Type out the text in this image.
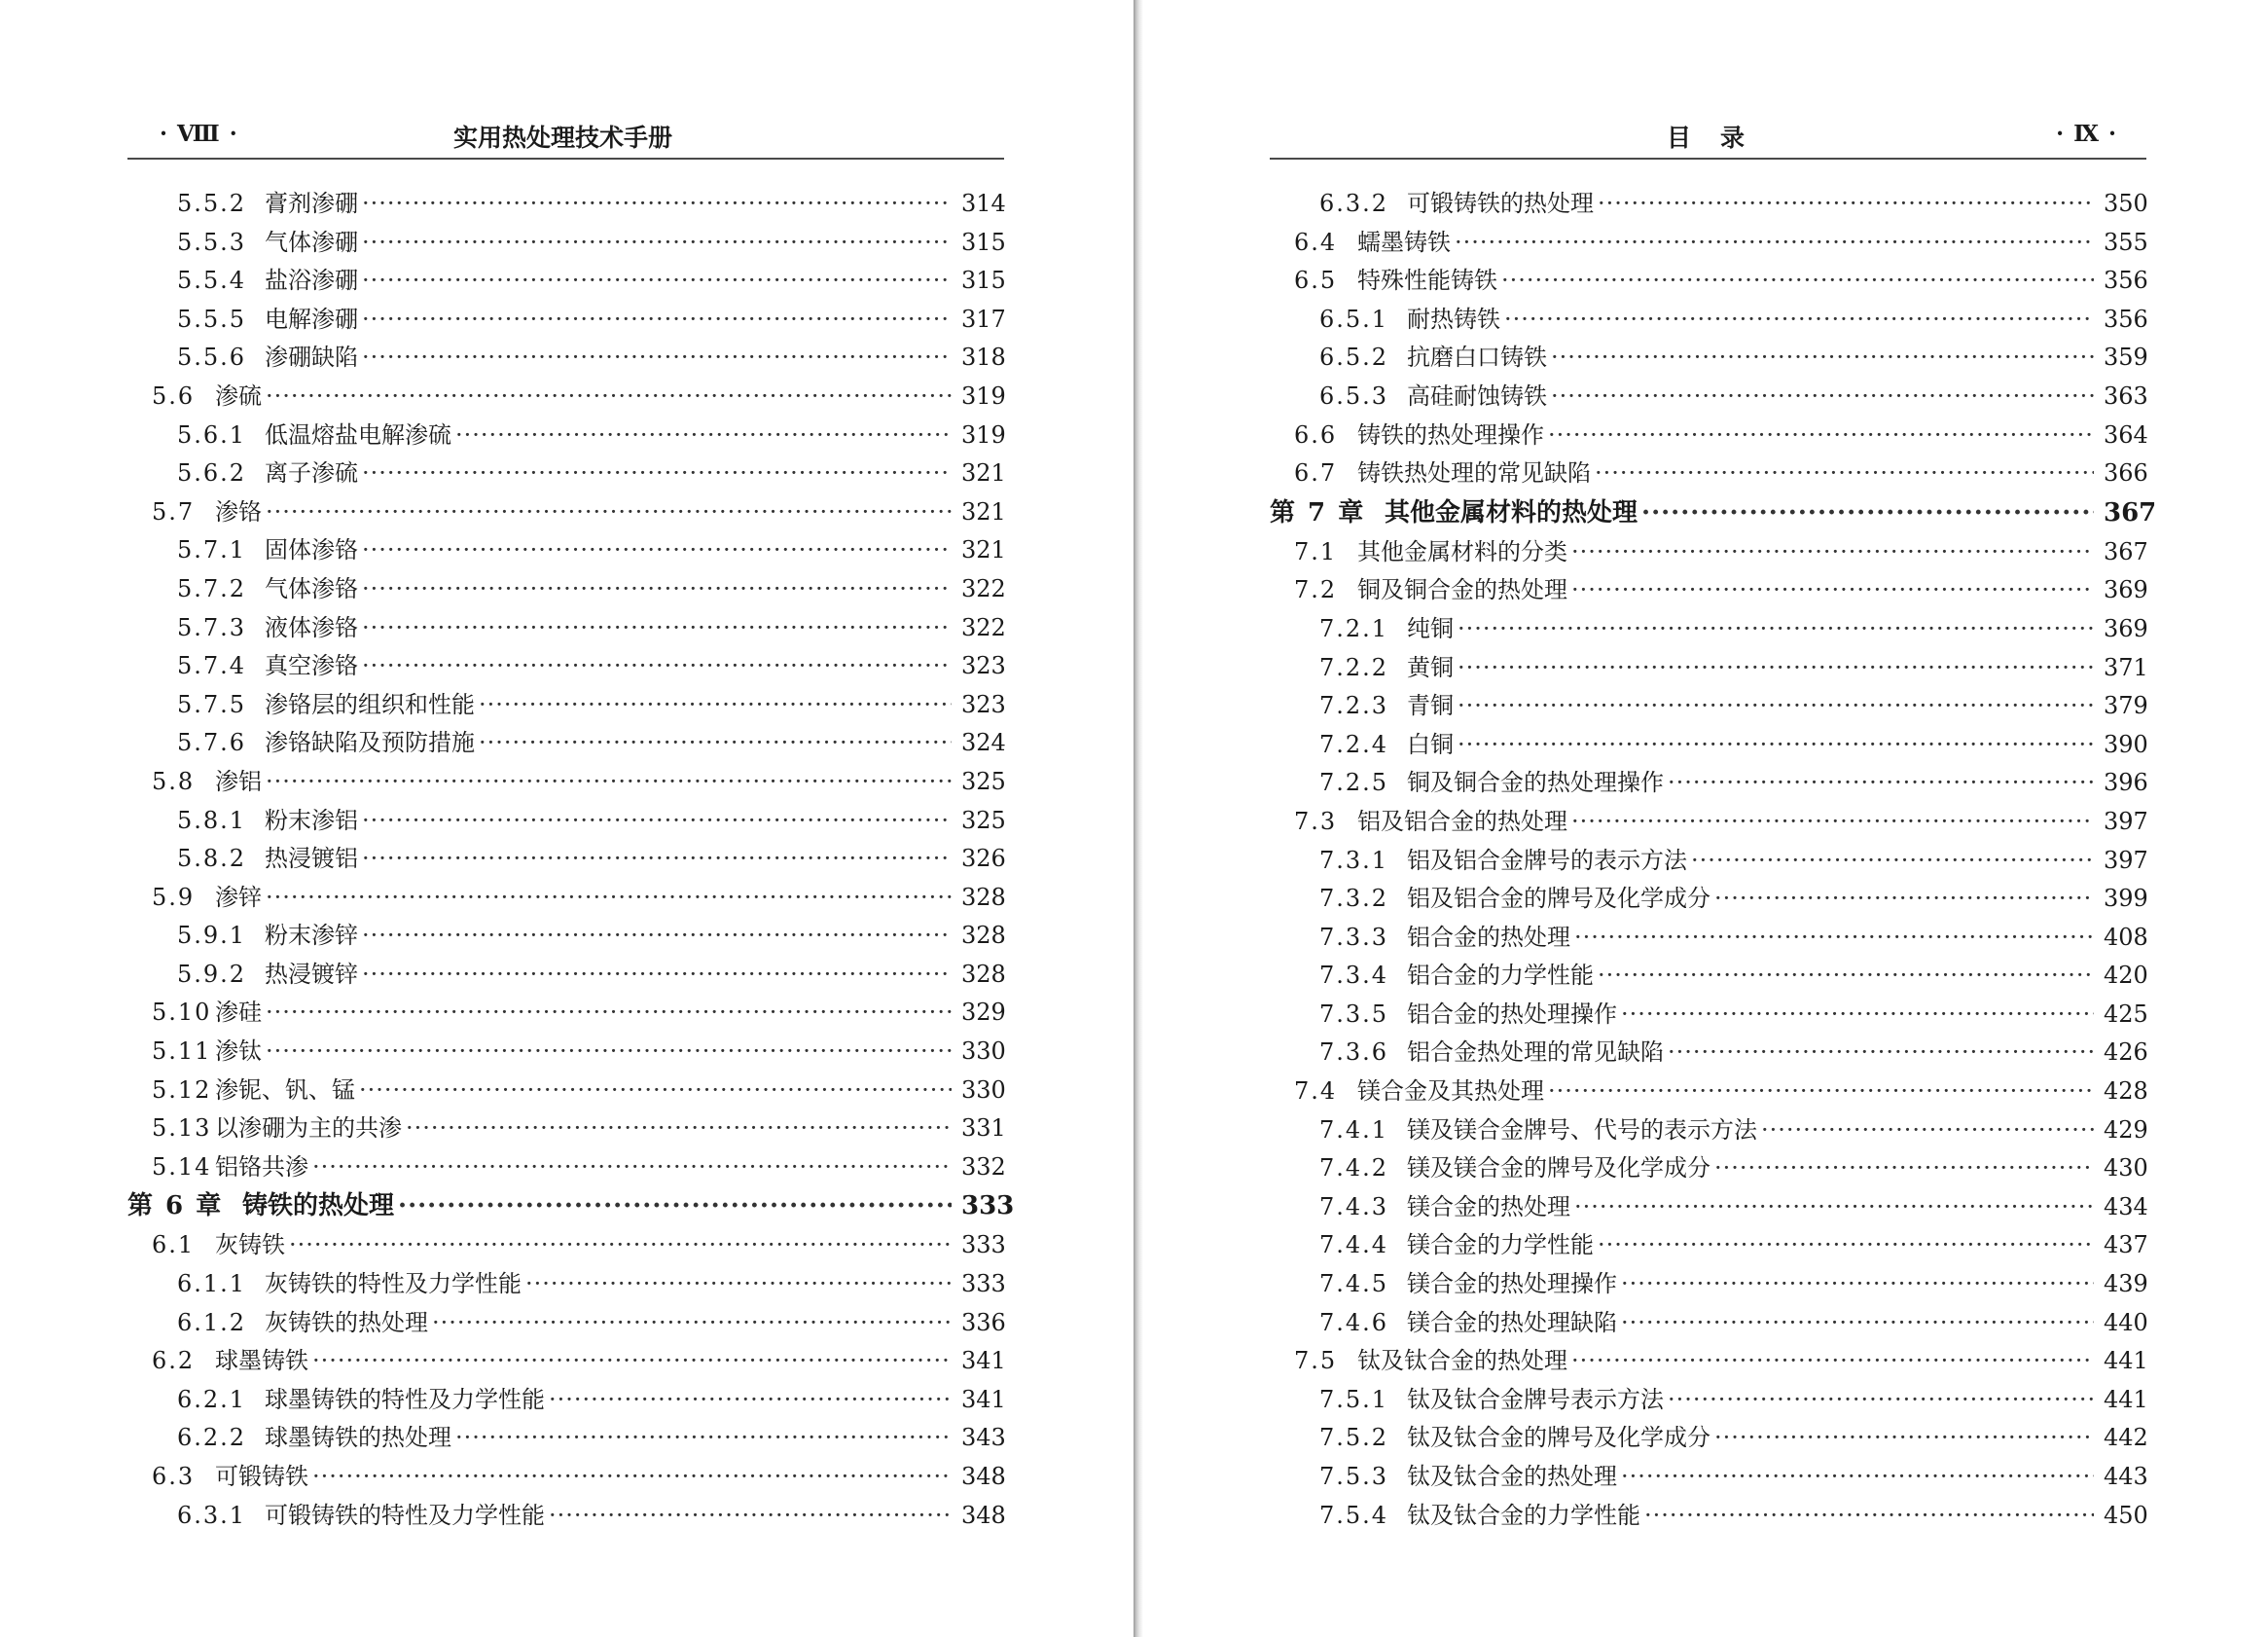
· Ⅷ ·	实用热处理技术手册
5.5.2 膏剂渗硼 ·····	314
5.5.3 气体渗硼 ·····	315
5.5.4 盐浴渗硼 ·····	315
5.5.5 电解渗硼 ·····	317
5.5.6 渗硼缺陷 ·····	318
5.6 渗硫 ·····	319
5.6.1 低温熔盐电解渗硫 ·····	319
5.6.2 离子渗硫 ·····	321
5.7 渗铬 ·····	321
5.7.1 固体渗铬 ·····	321
5.7.2 气体渗铬 ·····	322
5.7.3 液体渗铬 ·····	322
5.7.4 真空渗铬 ·····	323
5.7.5 渗铬层的组织和性能 ·····	323
5.7.6 渗铬缺陷及预防措施 ·····	324
5.8 渗铝 ·····	325
5.8.1 粉末渗铝 ·····	325
5.8.2 热浸镀铝 ·····	326
5.9 渗锌 ·····	328
5.9.1 粉末渗锌 ·····	328
5.9.2 热浸镀锌 ·····	328
5.10 渗硅 ·····	329
5.11 渗钛 ·····	330
5.12 渗铌、钒、锰 ·····	330
5.13 以渗硼为主的共渗 ·····	331
5.14 铝铬共渗 ·····	332
第 6 章 铸铁的热处理 ·····	333
6.1 灰铸铁 ·····	333
6.1.1 灰铸铁的特性及力学性能 ·····	333
6.1.2 灰铸铁的热处理 ·····	336
6.2 球墨铸铁 ·····	341
6.2.1 球墨铸铁的特性及力学性能 ·····	341
6.2.2 球墨铸铁的热处理 ·····	343
6.3 可锻铸铁 ·····	348
6.3.1 可锻铸铁的特性及力学性能 ·····	348
目录	· Ⅸ ·
6.3.2 可锻铸铁的热处理 ·····	350
6.4 蠕墨铸铁 ·····	355
6.5 特殊性能铸铁 ·····	356
6.5.1 耐热铸铁 ·····	356
6.5.2 抗磨白口铸铁 ·····	359
6.5.3 高硅耐蚀铸铁 ·····	363
6.6 铸铁的热处理操作 ·····	364
6.7 铸铁热处理的常见缺陷 ·····	366
第 7 章 其他金属材料的热处理 ·····	367
7.1 其他金属材料的分类 ·····	367
7.2 铜及铜合金的热处理 ·····	369
7.2.1 纯铜 ·····	369
7.2.2 黄铜 ·····	371
7.2.3 青铜 ·····	379
7.2.4 白铜 ·····	390
7.2.5 铜及铜合金的热处理操作 ·····	396
7.3 铝及铝合金的热处理 ·····	397
7.3.1 铝及铝合金牌号的表示方法 ·····	397
7.3.2 铝及铝合金的牌号及化学成分 ·····	399
7.3.3 铝合金的热处理 ·····	408
7.3.4 铝合金的力学性能 ·····	420
7.3.5 铝合金的热处理操作 ·····	425
7.3.6 铝合金热处理的常见缺陷 ·····	426
7.4 镁合金及其热处理 ·····	428
7.4.1 镁及镁合金牌号、代号的表示方法 ·····	429
7.4.2 镁及镁合金的牌号及化学成分 ·····	430
7.4.3 镁合金的热处理 ·····	434
7.4.4 镁合金的力学性能 ·····	437
7.4.5 镁合金的热处理操作 ·····	439
7.4.6 镁合金的热处理缺陷 ·····	440
7.5 钛及钛合金的热处理 ·····	441
7.5.1 钛及钛合金牌号表示方法 ·····	441
7.5.2 钛及钛合金的牌号及化学成分 ·····	442
7.5.3 钛及钛合金的热处理 ·····	443
7.5.4 钛及钛合金的力学性能 ·····	450
